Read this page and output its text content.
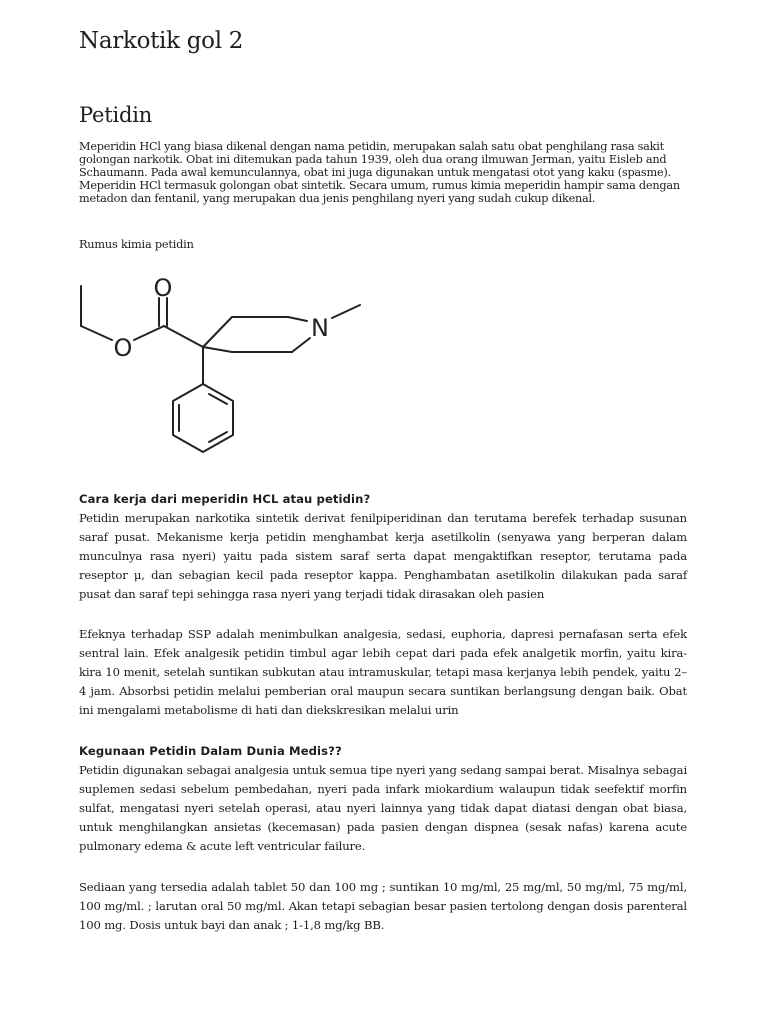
Narkotik gol 2
Petidin

Meperidin HCl yang biasa dikenal dengan nama petidin, merupakan salah satu obat penghilang rasa sakit golongan narkotik. Obat ini ditemukan pada tahun 1939, oleh dua orang ilmuwan Jerman, yaitu Eisleb and Schaumann. Pada awal kemunculannya, obat ini juga digunakan untuk mengatasi otot yang kaku (spasme). Meperidin HCl termasuk golongan obat sintetik. Secara umum, rumus kimia meperidin hampir sama dengan metadon dan fentanil, yang merupakan dua jenis penghilang nyeri yang sudah cukup dikenal.

Rumus kimia petidin

O
O
N
Cara kerja dari meperidin HCL atau petidin?

Petidin merupakan narkotika sintetik derivat fenilpiperidinan dan terutama berefek terhadap susunan saraf pusat. Mekanisme kerja petidin menghambat kerja asetilkolin (senyawa yang berperan dalam munculnya rasa nyeri) yaitu pada sistem saraf serta dapat mengaktifkan reseptor, terutama pada reseptor μ, dan sebagian kecil pada reseptor kappa. Penghambatan asetilkolin dilakukan pada saraf pusat dan saraf tepi sehingga rasa nyeri yang terjadi tidak dirasakan oleh pasien

Efeknya terhadap SSP adalah menimbulkan analgesia, sedasi, euphoria, dapresi pernafasan serta efek sentral lain. Efek analgesik petidin timbul agar lebih cepat dari pada efek analgetik morfin, yaitu kira-kira 10 menit, setelah suntikan subkutan atau intramuskular, tetapi masa kerjanya lebih pendek, yaitu 2–4 jam. Absorbsi petidin melalui pemberian oral maupun secara suntikan berlangsung dengan baik. Obat ini mengalami metabolisme di hati dan diekskresikan melalui urin

Kegunaan Petidin Dalam Dunia Medis??

Petidin digunakan sebagai analgesia untuk semua tipe nyeri yang sedang sampai berat. Misalnya sebagai suplemen sedasi sebelum pembedahan, nyeri pada infark miokardium walaupun tidak seefektif morfin sulfat, mengatasi nyeri setelah operasi, atau nyeri lainnya yang tidak dapat diatasi dengan obat biasa, untuk menghilangkan ansietas (kecemasan) pada pasien dengan dispnea (sesak nafas) karena acute pulmonary edema & acute left ventricular failure.

Sediaan yang tersedia adalah tablet 50 dan 100 mg ; suntikan 10 mg/ml, 25 mg/ml, 50 mg/ml, 75 mg/ml, 100 mg/ml. ; larutan oral 50 mg/ml. Akan tetapi sebagian besar pasien tertolong dengan dosis parenteral 100 mg. Dosis untuk bayi dan anak ; 1-1,8 mg/kg BB.
